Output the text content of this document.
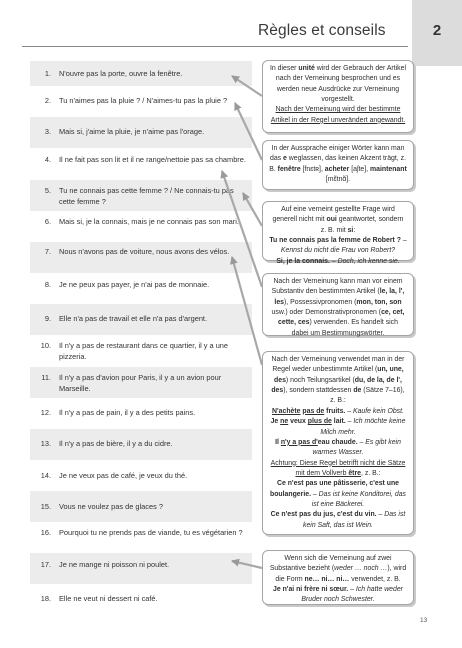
Règles et conseils	2
1. N'ouvre pas la porte, ouvre la fenêtre.
2. Tu n'aimes pas la pluie ? / N'aimes-tu pas la pluie ?
3. Mais si, j'aime la pluie, je n'aime pas l'orage.
4. Il ne fait pas son lit et il ne range/nettoie pas sa chambre.
5. Tu ne connais pas cette femme ? / Ne connais-tu pas cette femme ?
6. Mais si, je la connais, mais je ne connais pas son mari.
7. Nous n'avons pas de voiture, nous avons des vélos.
8. Je ne peux pas payer, je n'ai pas de monnaie.
9. Elle n'a pas de travail et elle n'a pas d'argent.
10. Il n'y a pas de restaurant dans ce quartier, il y a une pizzeria.
11. Il n'y a pas d'avion pour Paris, il y a un avion pour Marseille.
12. Il n'y a pas de pain, il y a des petits pains.
13. Il n'y a pas de bière, il y a du cidre.
14. Je ne veux pas de café, je veux du thé.
15. Vous ne voulez pas de glaces ?
16. Pourquoi tu ne prends pas de viande, tu es végétarien ?
17. Je ne mange ni poisson ni poulet.
18. Elle ne veut ni dessert ni café.

In dieser unité wird der Gebrauch der Artikel nach der Verneinung besprochen und es werden neue Ausdrücke zur Verneinung vorgestellt.

Nach der Verneinung wird der bestimmte Artikel in der Regel unverändert angewandt.

In der Aussprache einiger Wörter kann man das e weglassen, das keinen Akzent trägt, z. B. fenêtre [fnɛtʀ], acheter [aʃte], maintenant [mɛ̃tnɑ̃].

Auf eine verneint gestellte Frage wird generell nicht mit oui geantwortet, sondern z. B. mit si:

Tu ne connais pas la femme de Robert ? – Kennst du nicht die Frau von Robert?

Si, je la connais. – Doch, ich kenne sie.

Nach der Verneinung kann man vor einem Substantiv den bestimmten Artikel (le, la, l', les), Possessivpronomen (mon, ton, son usw.) oder Demonstrativpronomen (ce, cet, cette, ces) verwenden. Es handelt sich dabei um Bestimmungswörter.

Nach der Verneinung verwendet man in der Regel weder unbestimmte Artikel (un, une, des) noch Teilungsartikel (du, de la, de l', des), sondern stattdessen de (Sätze 7–16), z. B.:

N'achète pas de fruits. – Kaufe kein Obst.

Je ne veux plus de lait. – Ich möchte keine Milch mehr.

Il n'y a pas d'eau chaude. – Es gibt kein warmes Wasser.

Achtung: Diese Regel betrifft nicht die Sätze mit dem Vollverb être, z. B.:

Ce n'est pas une pâtisserie, c'est une boulangerie. – Das ist keine Konditorei, das ist eine Bäckerei.

Ce n'est pas du jus, c'est du vin. – Das ist kein Saft, das ist Wein.

Wenn sich die Verneinung auf zwei Substantive bezieht (weder … noch …), wird die Form ne… ni… ni… verwendet, z. B.

Je n'ai ni frère ni sœur. – Ich hatte weder Bruder noch Schwester.

13
